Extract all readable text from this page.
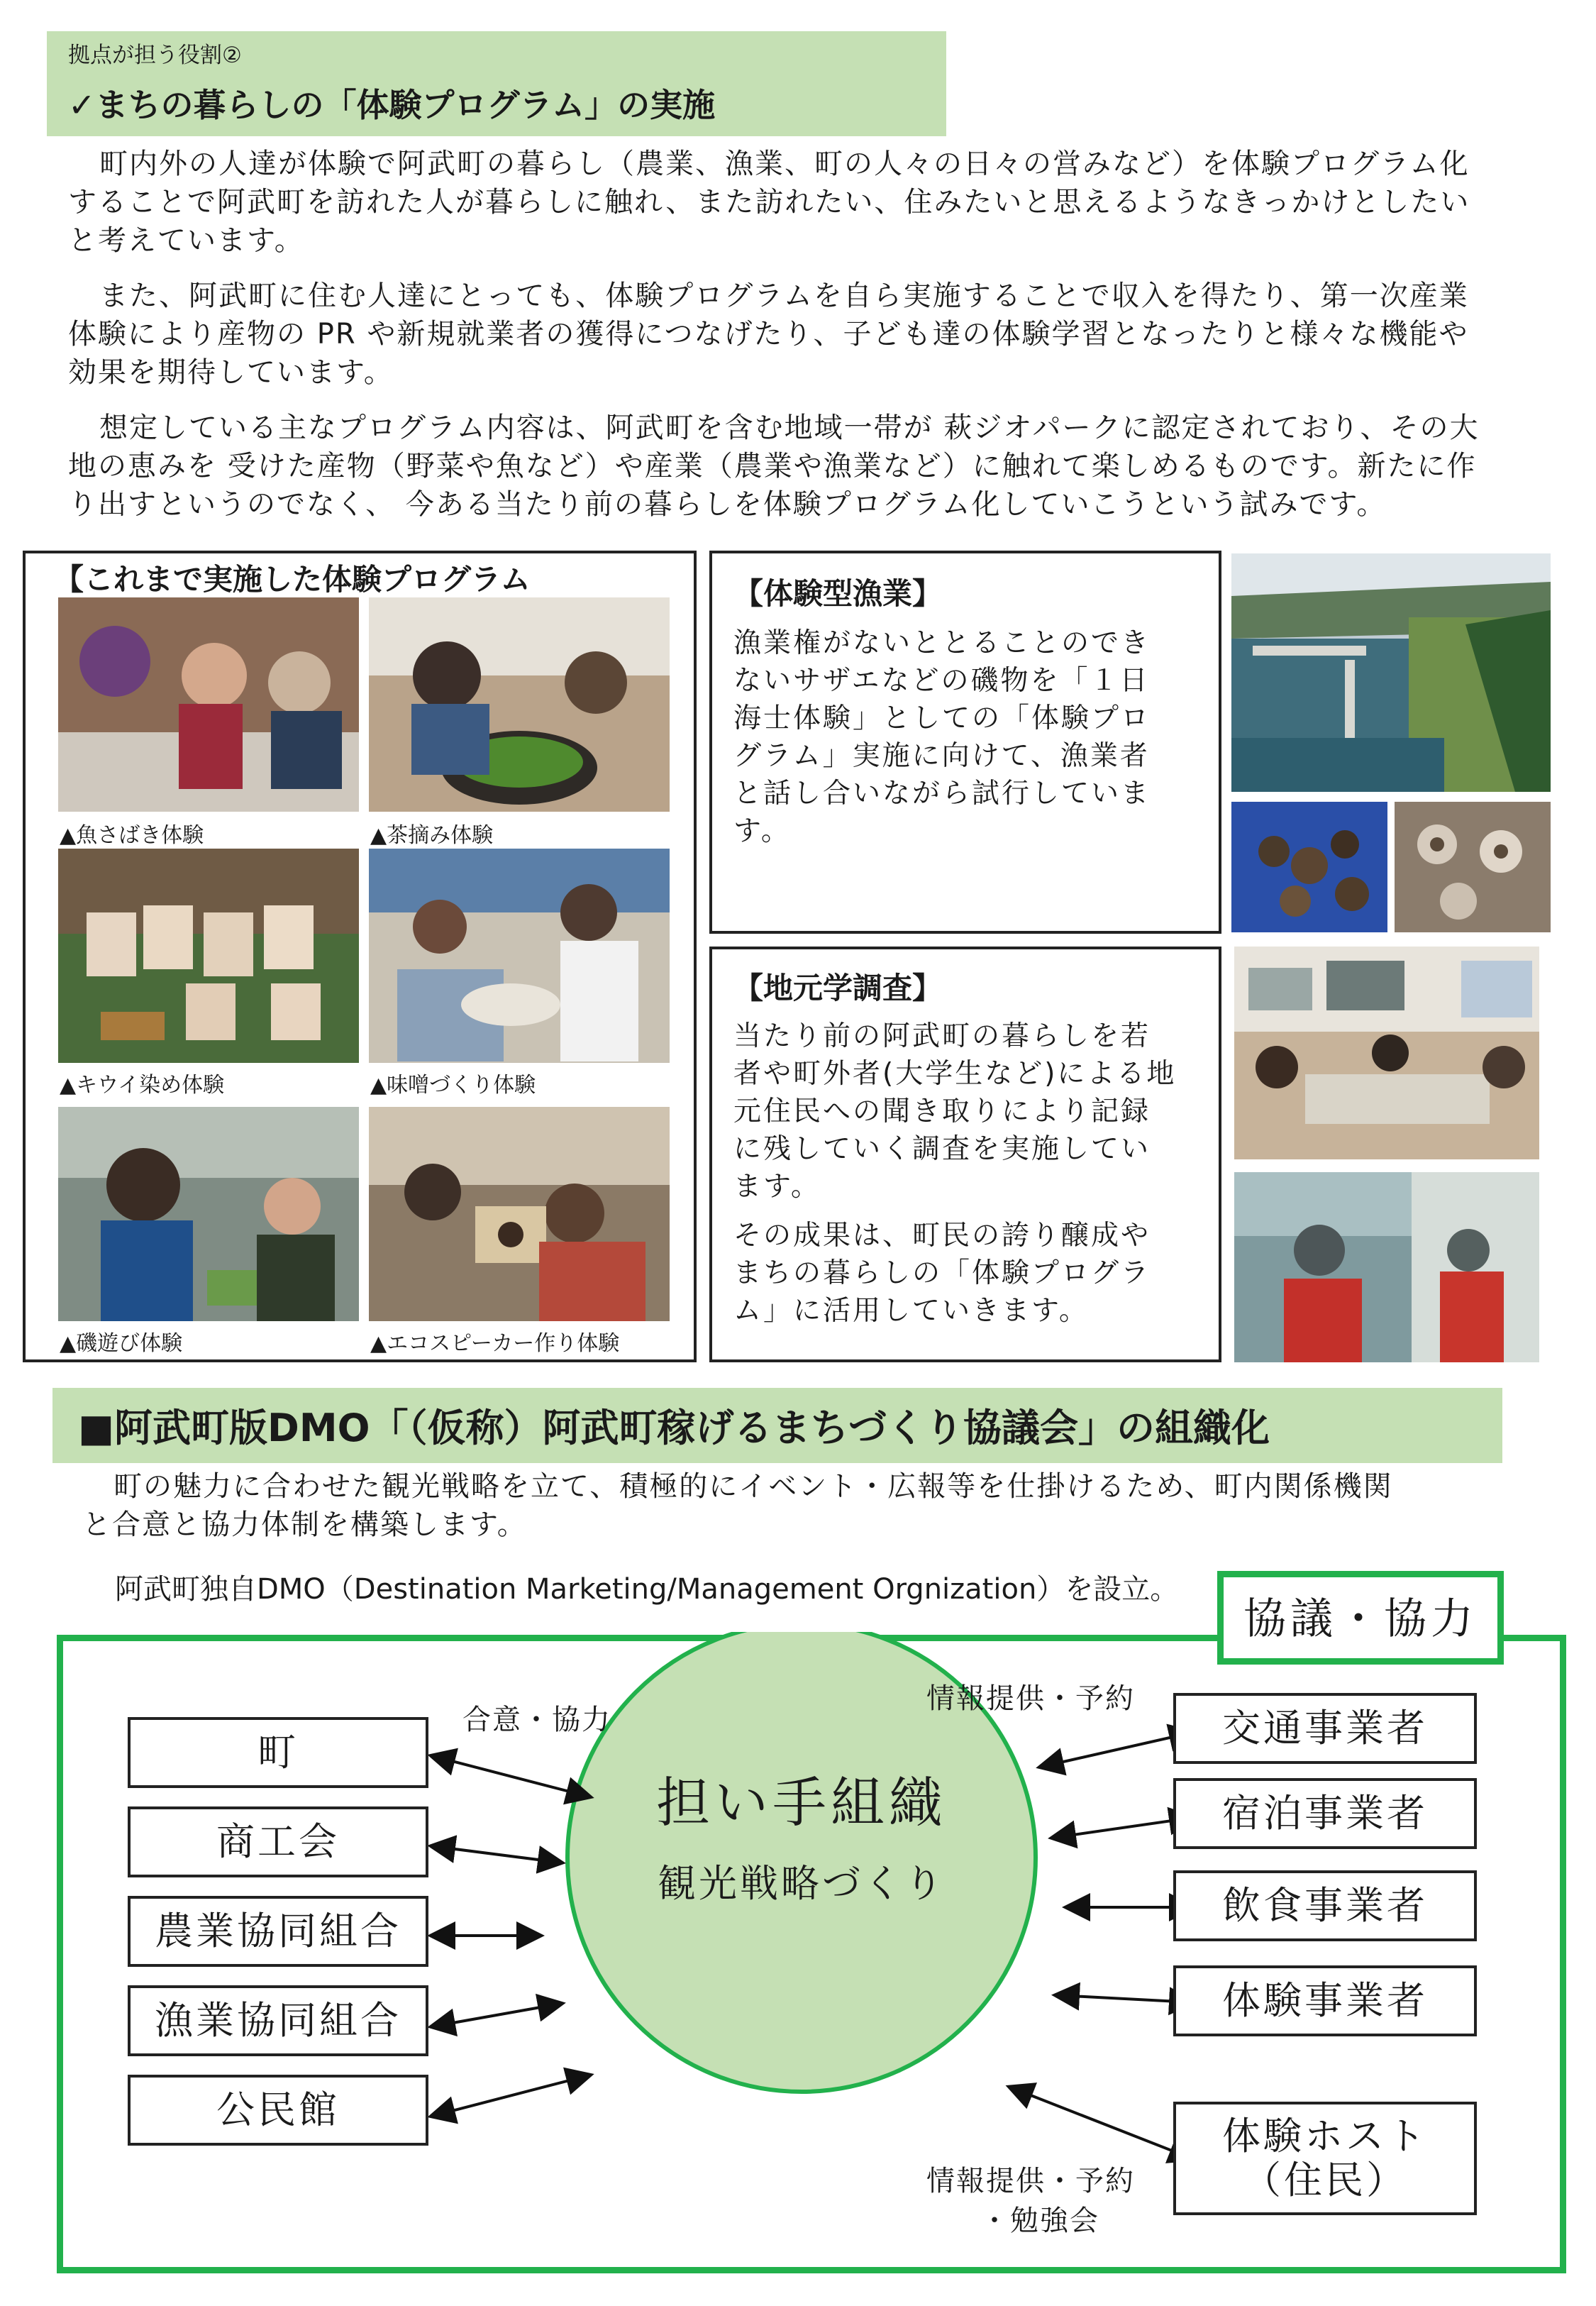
拠点が担う役割②
✓まちの暮らしの「体験プログラム」の実施
町内外の人達が体験で阿武町の暮らし（農業、漁業、町の人々の日々の営みなど）を体験プログラム化
することで阿武町を訪れた人が暮らしに触れ、また訪れたい、住みたいと思えるようなきっかけとしたい
と考えています。
また、阿武町に住む人達にとっても、体験プログラムを自ら実施することで収入を得たり、第一次産業
体験により産物の PR や新規就業者の獲得につなげたり、子ども達の体験学習となったりと様々な機能や
効果を期待しています。
想定している主なプログラム内容は、阿武町を含む地域一帯が 萩ジオパークに認定されており、その大
地の恵みを 受けた産物（野菜や魚など）や産業（農業や漁業など）に触れて楽しめるものです。新たに作
り出すというのでなく、 今ある当たり前の暮らしを体験プログラム化していこうという試みです。
【これまで実施した体験プログラム
▲魚さばき体験	▲茶摘み体験
▲キウイ染め体験	▲味噌づくり体験
▲磯遊び体験	▲エコスピーカー作り体験
【体験型漁業】
漁業権がないととることのでき
ないサザエなどの磯物を「１日
海士体験」としての「体験プロ
グラム」実施に向けて、漁業者
と話し合いながら試行していま
す。
【地元学調査】
当たり前の阿武町の暮らしを若
者や町外者(大学生など)による地
元住民への聞き取りにより記録
に残していく調査を実施してい
ます。
その成果は、町民の誇り醸成や
まちの暮らしの「体験プログラ
ム」に活用していきます。
■阿武町版DMO「（仮称）阿武町稼げるまちづくり協議会」の組織化
町の魅力に合わせた観光戦略を立て、積極的にイベント・広報等を仕掛けるため、町内関係機関
と合意と協力体制を構築します。
阿武町独自DMO（Destination Marketing/Management Orgnization）を設立。
協議・協力
担い手組織
観光戦略づくり
合意・協力
情報提供・予約
情報提供・予約
・勉強会
町
商工会
農業協同組合
漁業協同組合
公民館
交通事業者
宿泊事業者
飲食事業者
体験事業者
体験ホスト
（住民）
